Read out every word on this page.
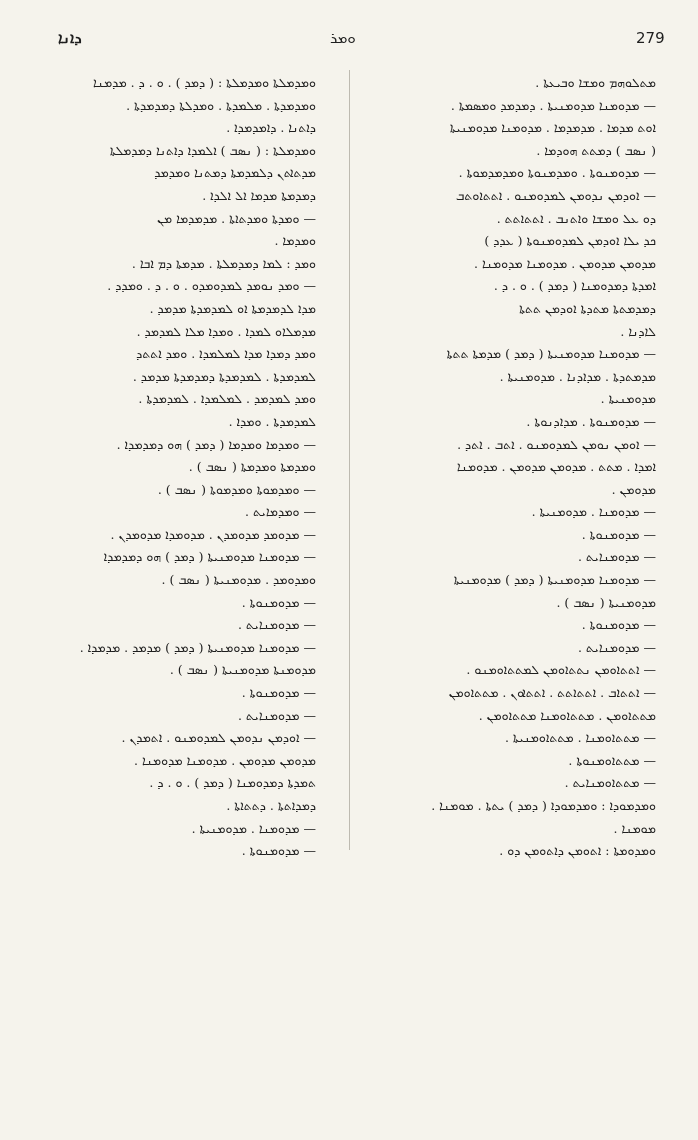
ܕܐܢܐ	ܘܡܪ	279

ܡܬܠܘܗܡ ܘܡܫܐ ܘܒܝܥܬܐ .

— ܡܕܘܡܢܐ ܡܕܘܡܢܝܬܐ . ܕܡܕܡܕ ܘܡܣܡܬܐ .

ܐܘܬ ܡܕܡܐ . ܡܕܡܕܡܐ . ܡܕܘܡܢܐ ܡܕܘܡܢܝܬܐ

( ܢܣܒ ) ܕܡܬܬ ܗܘܕܡܐ .

— ܡܕܘܡܢܘܬܐ . ܘܡܕܡܢܘܬܐ ܘܡܕܡܕܡܘܬܐ .

— ܐܘܕܡܢ ܢܕܘܡܢ ܠܡܕܘܡܢܘ . ܐܬܬܐܘܬܒ

ܕܘ ܥܠ ܘܡܫܐ ܘܐܬܢܒ . ܐܬܬܐܬܬ .

ܟܕ ܝܠܐ ܐܘܕܡܢ ܠܡܕܘܡܢܘܬܐ ( ܥܕܕ )

ܡܕܘܡܢ ܡܕܘܡܢ . ܡܕܘܡܢܐ ܡܕܘܡܢܐ .

ܐܡܕܬܐ ܕܡܕܘܡܢܐ ( ܕܡܕ ) . ܘ . ܕ .

ܕܡܕܡܬܬܐ ܡܬܕܬܐ ܐܘܕܡܢ ܬܬܬܐ

ܠܐܕܢܐ .

— ܡܕܘܡܢܐ ܡܕܘܡܢܝܬܐ ( ܕܡܕ ) ܡܕܡܬܐ ܬܬܬܐ

ܡܕܡܬܕܬܐ . ܡܕܐܕܢܐ . ܡܕܘܡܢܝܬܐ .

ܡܕܘܡܢܝܬܐ .

— ܡܕܘܡܢܘܬܐ . ܡܕܐܕܢܘܬܐ .

— ܐܘܡܢ ܢܘܡܢ ܠܡܕܘܡܢܘ . ܐܬܒ . ܐܬܕ .

ܐܡܕܐ . ܡܬܬ . ܡܕܘܡܢ ܡܕܘܡܢ . ܡܕܘܡܢܐ

ܡܕܘܡܢ .

— ܡܕܘܡܢܐ . ܡܕܘܡܢܝܬܐ .

— ܡܕܘܡܢܘܬܐ .

— ܡܕܘܡܢܐܝܬ .

— ܡܕܘܡܢܐ ܡܕܘܡܢܝܬܐ ( ܕܡܕ ) ܡܕܘܡܢܝܬܐ

ܡܕܘܡܢܝܬܐ ( ܢܣܒ ) .

— ܡܕܘܡܢܘܬܐ .

— ܡܕܘܡܢܐܝܬ .

— ܐܬܬܐܘܡܢ ܢܬܬܐܘܡܢ ܠܡܬܬܐܘܡܢܘ .

— ܐܬܬܐܒ . ܐܬܬܐܬܬ . ܐܬܬܐܘܢ . ܡܬܬܐܘܡܢ

ܡܬܬܐܘܡܢ . ܡܬܬܐܘܡܢܐ ܡܬܬܐܘܡܢ .

— ܡܬܬܐܘܡܢܐ . ܡܬܬܐܘܡܢܝܬܐ .

— ܡܬܬܐܘܡܢܘܬܐ .

— ܡܬܬܐܘܡܢܐܝܬ .

ܘܡܕܡܘܕܐ : ܘܡܕܡܘܕܐ ( ܕܡܕ ) ܝܬܬܐ . ܡܘܡܢܐ .

ܡܘܡܢܐ .

ܘܡܕܘܡܬܐ : ܐܬܘܡܢ ܕܐܬܘܡܢ ܕܘ .

ܘܡܕܡܠܬܐ ܘܡܕܡܠܬܐ : ( ܕܡܕ ) . ܘ . ܕ . ܡܕܡܢܐ

ܘܡܕܡܕܬܐ . ܡܠܡܕܬܐ . ܘܡܕܠܬܐ ܕܡܕܡܕܬܐ .

ܕܐܬܢܐ . ܕܐܡܕܡܕܐ .

ܘܡܕܡܠܬܐ : ( ܢܣܒ ) ܐܠܡܕܐ ܕܐܬܢܐ ܕܡܕܡܠܬܐ

ܡܕܬܐܬܢ ܕܠܡܕܡܬܐ ܕܡܬܢܐ ܘܡܕܡܕ

ܕܡܕܡܬܐ ܡܕܡܐ ܐܠ ܐܠܕܐ .

— ܘܡܕܬܐ ܘܡܕܬܐܬܐ . ܡܕܡܕܡܐ ܡܢ

ܘܡܕܡܐ .

ܘܡܕ : ܠܡܐ ܕܡܕܡܠܬܐ . ܡܕܡܬܐ ܕܡ ܐܒܐ .

— ܘܡܕ ܢܘܡܕ ܠܡܕܘܡܕܘ . ܘ . ܕ . ܘܡܕܕ .

ܡܕܐ ܠܕܡܕܡܬܐ ܐܘ ܠܡܕܡܕܬܐ ܡܕܡܕ .

ܡܕܡܠܐܘ ܠܡܕܐ . ܘܡܕܐ ܡܠܐ ܠܡܕܡܕ .

ܘܡܕ ܕܡܕܐ ܡܕܐ ܠܡܠܡܕܐ . ܘܡܕ ܐܬܬܕ

ܠܡܕܡܕܬܐ . ܠܡܕܡܕܬܐ ܕܡܕܡܕܬܐ ܡܕܡܕ .

ܘܡܕ ܠܡܕܡܕ . ܠܡܠܡܕܐ . ܠܡܕܡܕܬܐ .

ܠܡܕܡܕܬܐ . ܘܡܕܐ .

— ܘܡܕܡܐ ܘܡܕܡܐ ( ܕܡܕ ) ܗܘ ܕܡܕܡܕܐ .

ܘܡܕܡܬܐ ܘܡܕܡܬܐ ( ܢܣܒ ) .

— ܘܡܕܡܘܬܐ ܘܡܕܡܘܬܐ ( ܢܣܒ ) .

— ܘܡܕܡܐܝܬ .

— ܡܕܘܡܕ ܡܕܘܡܕܢ . ܡܕܘܡܕܐ ܡܕܘܡܕܢ .

— ܡܕܘܡܢܐ ܡܕܘܡܢܝܬܐ ( ܕܡܕ ) ܗܘ ܕܡܕܡܕܐ

ܘܡܕܘܡܕ . ܡܕܘܡܢܝܬܐ ( ܢܣܒ ) .

— ܡܕܘܡܢܘܬܐ .

— ܡܕܘܡܢܐܝܬ .

— ܡܕܘܡܢܐ ܡܕܘܡܢܝܬܐ ( ܕܡܕ ) ܡܕܡܕ . ܡܕܡܕܐ .

ܡܕܘܡܢܬܐ ܡܕܘܡܢܝܬܐ ( ܢܣܒ ) .

— ܡܕܘܡܢܘܬܐ .

— ܡܕܘܡܢܐܝܬ .

— ܐܘܕܡܢ ܢܕܘܡܢ ܠܡܕܘܡܢܘ . ܐܬܡܕܢ .

ܡܕܘܡܢ ܡܕܘܡܢ . ܡܕܘܡܢܐ ܡܕܘܡܢܐ .

ܬܡܕܬܐ ܕܡܕܘܡܢܐ ( ܕܡܕ ) . ܘ . ܕ .

ܕܡܕܐܬܬܐ . ܕܬܬܐܬܐ .

— ܡܕܘܡܢܐ . ܡܕܘܡܢܝܬܐ .

— ܡܕܘܡܢܘܬܐ .
